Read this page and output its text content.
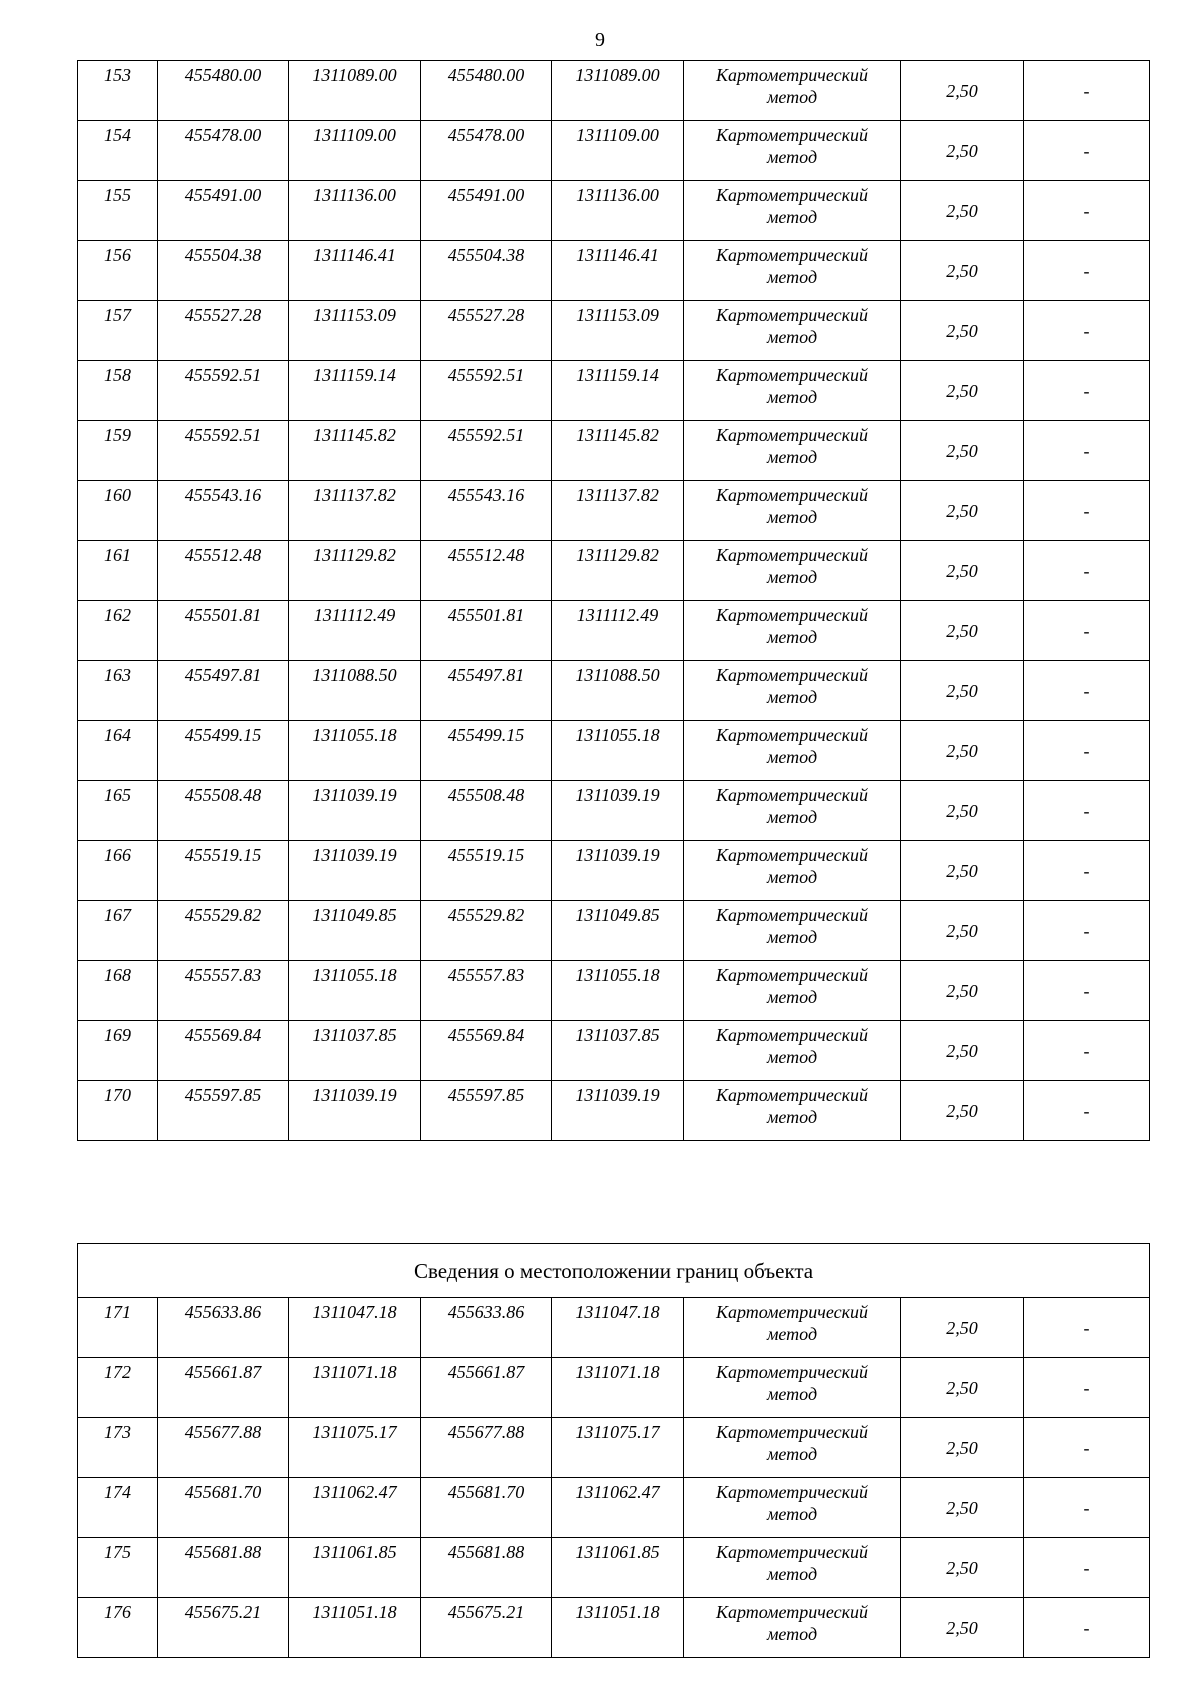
9
153	455480.00	1311089.00	455480.00	1311089.00	Картометрический
метод	2,50	-
154	455478.00	1311109.00	455478.00	1311109.00	Картометрический
метод	2,50	-
155	455491.00	1311136.00	455491.00	1311136.00	Картометрический
метод	2,50	-
156	455504.38	1311146.41	455504.38	1311146.41	Картометрический
метод	2,50	-
157	455527.28	1311153.09	455527.28	1311153.09	Картометрический
метод	2,50	-
158	455592.51	1311159.14	455592.51	1311159.14	Картометрический
метод	2,50	-
159	455592.51	1311145.82	455592.51	1311145.82	Картометрический
метод	2,50	-
160	455543.16	1311137.82	455543.16	1311137.82	Картометрический
метод	2,50	-
161	455512.48	1311129.82	455512.48	1311129.82	Картометрический
метод	2,50	-
162	455501.81	1311112.49	455501.81	1311112.49	Картометрический
метод	2,50	-
163	455497.81	1311088.50	455497.81	1311088.50	Картометрический
метод	2,50	-
164	455499.15	1311055.18	455499.15	1311055.18	Картометрический
метод	2,50	-
165	455508.48	1311039.19	455508.48	1311039.19	Картометрический
метод	2,50	-
166	455519.15	1311039.19	455519.15	1311039.19	Картометрический
метод	2,50	-
167	455529.82	1311049.85	455529.82	1311049.85	Картометрический
метод	2,50	-
168	455557.83	1311055.18	455557.83	1311055.18	Картометрический
метод	2,50	-
169	455569.84	1311037.85	455569.84	1311037.85	Картометрический
метод	2,50	-
170	455597.85	1311039.19	455597.85	1311039.19	Картометрический
метод	2,50	-
Сведения о местоположении границ объекта							
171	455633.86	1311047.18	455633.86	1311047.18	Картометрический
метод	2,50	-
172	455661.87	1311071.18	455661.87	1311071.18	Картометрический
метод	2,50	-
173	455677.88	1311075.17	455677.88	1311075.17	Картометрический
метод	2,50	-
174	455681.70	1311062.47	455681.70	1311062.47	Картометрический
метод	2,50	-
175	455681.88	1311061.85	455681.88	1311061.85	Картометрический
метод	2,50	-
176	455675.21	1311051.18	455675.21	1311051.18	Картометрический
метод	2,50	-
